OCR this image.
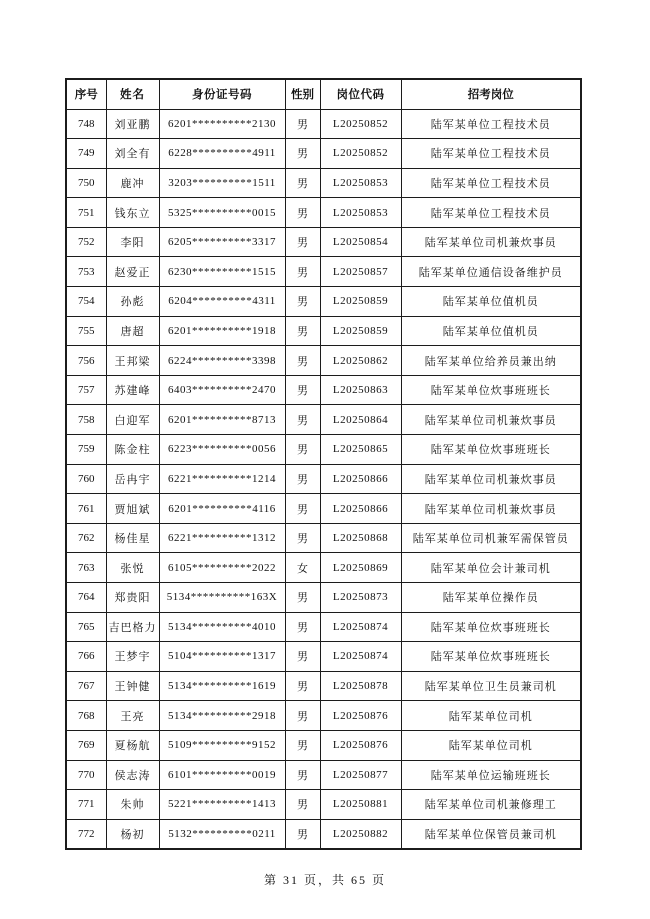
序号	姓名	身份证号码	性别	岗位代码	招考岗位
748	刘亚鹏	6201**********2130	男	L20250852	陆军某单位工程技术员
749	刘全有	6228**********4911	男	L20250852	陆军某单位工程技术员
750	鹿冲	3203**********1511	男	L20250853	陆军某单位工程技术员
751	钱东立	5325**********0015	男	L20250853	陆军某单位工程技术员
752	李阳	6205**********3317	男	L20250854	陆军某单位司机兼炊事员
753	赵爱正	6230**********1515	男	L20250857	陆军某单位通信设备维护员
754	孙彪	6204**********4311	男	L20250859	陆军某单位值机员
755	唐超	6201**********1918	男	L20250859	陆军某单位值机员
756	王邦梁	6224**********3398	男	L20250862	陆军某单位给养员兼出纳
757	苏建峰	6403**********2470	男	L20250863	陆军某单位炊事班班长
758	白迎军	6201**********8713	男	L20250864	陆军某单位司机兼炊事员
759	陈金柱	6223**********0056	男	L20250865	陆军某单位炊事班班长
760	岳冉宇	6221**********1214	男	L20250866	陆军某单位司机兼炊事员
761	贾旭斌	6201**********4116	男	L20250866	陆军某单位司机兼炊事员
762	杨佳星	6221**********1312	男	L20250868	陆军某单位司机兼军需保管员
763	张悦	6105**********2022	女	L20250869	陆军某单位会计兼司机
764	郑贵阳	5134**********163X	男	L20250873	陆军某单位操作员
765	吉巴格力	5134**********4010	男	L20250874	陆军某单位炊事班班长
766	王梦宇	5104**********1317	男	L20250874	陆军某单位炊事班班长
767	王钟健	5134**********1619	男	L20250878	陆军某单位卫生员兼司机
768	王亮	5134**********2918	男	L20250876	陆军某单位司机
769	夏杨航	5109**********9152	男	L20250876	陆军某单位司机
770	侯志涛	6101**********0019	男	L20250877	陆军某单位运输班班长
771	朱帅	5221**********1413	男	L20250881	陆军某单位司机兼修理工
772	杨初	5132**********0211	男	L20250882	陆军某单位保管员兼司机
第 31 页，共 65 页
